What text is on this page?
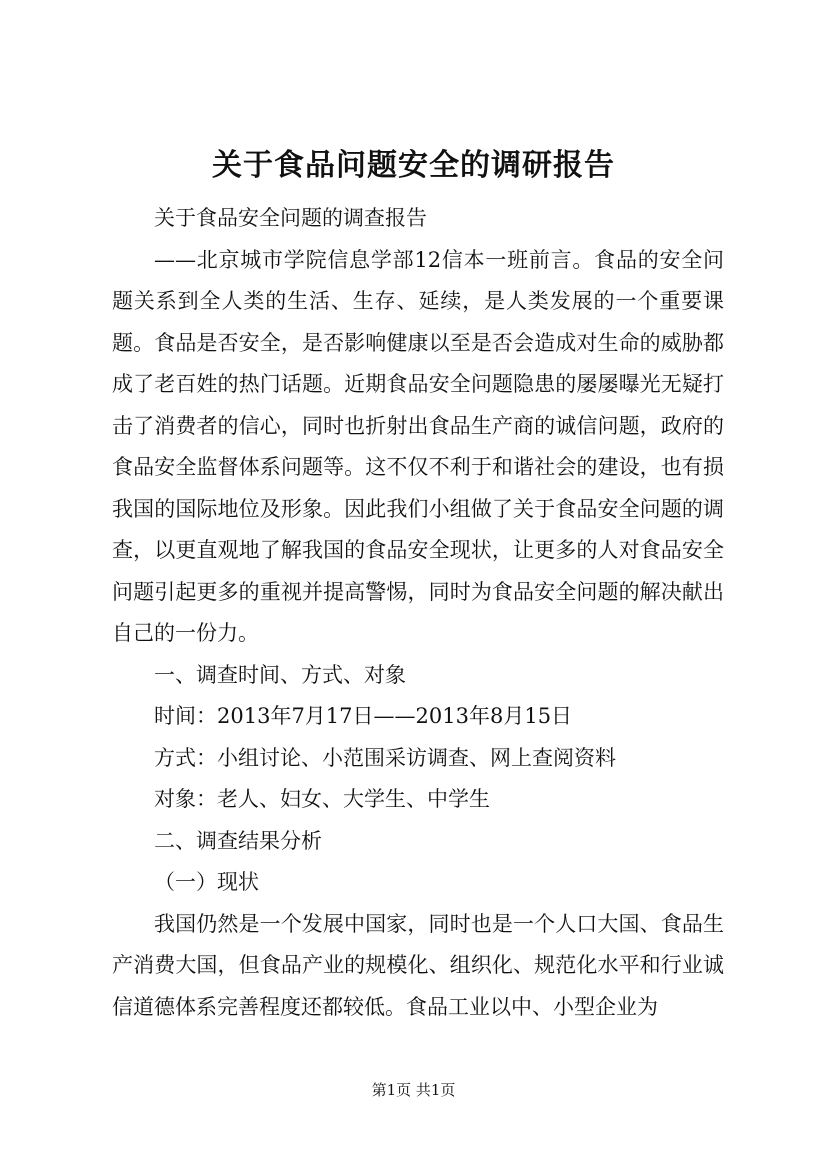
关于食品问题安全的调研报告

关于食品安全问题的调查报告

——北京城市学院信息学部12信本一班前言。食品的安全问题关系到全人类的生活、生存、延续，是人类发展的一个重要课题。食品是否安全，是否影响健康以至是否会造成对生命的威胁都成了老百姓的热门话题。近期食品安全问题隐患的屡屡曝光无疑打击了消费者的信心，同时也折射出食品生产商的诚信问题，政府的食品安全监督体系问题等。这不仅不利于和谐社会的建设，也有损我国的国际地位及形象。因此我们小组做了关于食品安全问题的调查，以更直观地了解我国的食品安全现状，让更多的人对食品安全问题引起更多的重视并提高警惕，同时为食品安全问题的解决献出自己的一份力。

一、调查时间、方式、对象

时间：2013年7月17日——2013年8月15日

方式：小组讨论、小范围采访调查、网上查阅资料

对象：老人、妇女、大学生、中学生

二、调查结果分析

（一）现状

我国仍然是一个发展中国家，同时也是一个人口大国、食品生产消费大国，但食品产业的规模化、组织化、规范化水平和行业诚信道德体系完善程度还都较低。食品工业以中、小型企业为

第1页 共1页
